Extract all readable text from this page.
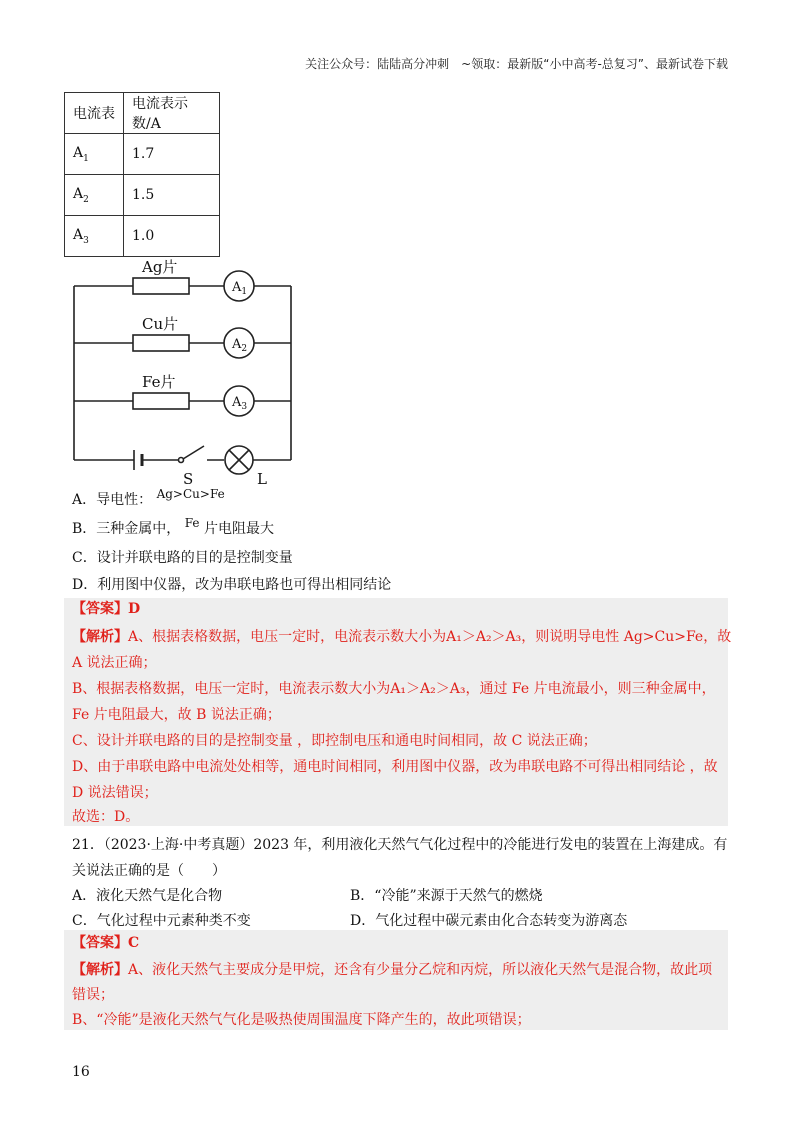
关注公众号：陆陆高分冲刺　~领取：最新版“小中高考-总复习”、最新试卷下载
电流表	电流表示数/A
$A_1$	1.7
$A_2$	1.5
$A_3$	1.0
Ag片
Cu片
Fe片
$A_1$
$A_2$
$A_3$
S	L
A．导电性： Ag>Cu>Fe
B．三种金属中， Fe 片电阻最大
C．设计并联电路的目的是控制变量
D．利用图中仪器，改为串联电路也可得出相同结论
【答案】D
【解析】A、根据表格数据，电压一定时，电流表示数大小为A₁＞A₂＞A₃，则说明导电性 Ag>Cu>Fe，故
A 说法正确；
B、根据表格数据，电压一定时，电流表示数大小为A₁＞A₂＞A₃，通过 Fe 片电流最小，则三种金属中，
Fe 片电阻最大，故 B 说法正确；
C、设计并联电路的目的是控制变量 ，即控制电压和通电时间相同，故 C 说法正确；
D、由于串联电路中电流处处相等，通电时间相同，利用图中仪器，改为串联电路不可得出相同结论 ，故
D 说法错误；
故选：D。
21．（2023·上海·中考真题）2023 年，利用液化天然气气化过程中的冷能进行发电的装置在上海建成。有
关说法正确的是（　　）
A．液化天然气是化合物	B．“冷能”来源于天然气的燃烧
C．气化过程中元素种类不变	D．气化过程中碳元素由化合态转变为游离态
【答案】C
【解析】A、液化天然气主要成分是甲烷，还含有少量分乙烷和丙烷，所以液化天然气是混合物，故此项
错误；
B、“冷能”是液化天然气气化是吸热使周围温度下降产生的，故此项错误；
16
